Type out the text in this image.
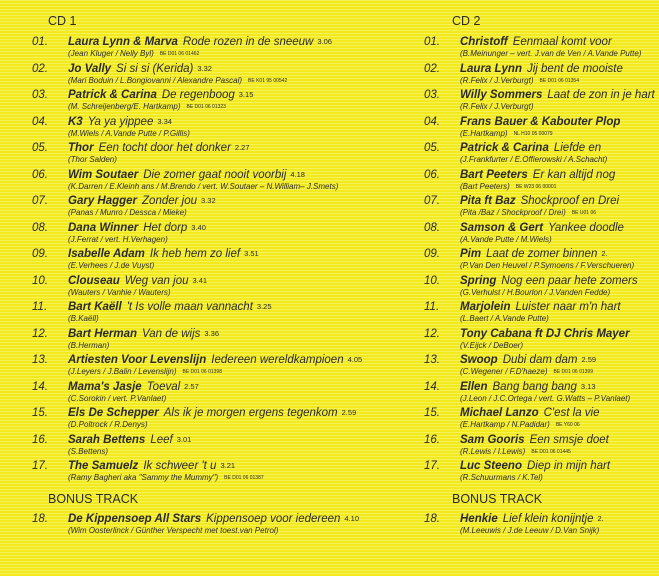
CD 1
01. Laura Lynn & Marva Rode rozen in de sneeuw 3.06
(Jean Kluger / Nelly Byl) BE D01 06 01462
02. Jo Vally Si si si (Kerida) 3.32
(Mari Boduin / L.Bongiovanni / Alexandre Pascal) BE K01 95 00542
03. Patrick & Carina De regenboog 3.15
(M. Schreijenberg/E. Hartkamp) BE D01 06 01323
04. K3 Ya ya yippee 3.34
(M.Wiels / A.Vande Putte / P.Gillis)
05. Thor Een tocht door het donker 2.27
(Thor Salden)
06. Wim Soutaer Die zomer gaat nooit voorbij 4.18
(K.Darren / E.Kleinh ans / M.Brendo / vert. W.Soutaer – N.William– J.Smets)
07. Gary Hagger Zonder jou 3.32
(Panas / Munro / Dessca / Mieke)
08. Dana Winner Het dorp 3.40
(J.Ferrat / vert. H.Verhagen)
09. Isabelle Adam Ik heb hem zo lief 3.51
(E.Verhees / J.de Vuyst)
10. Clouseau Weg van jou 3.41
(Wauters / Vanhie / Wauters)
11. Bart Kaëll 't Is volle maan vannacht 3.25
(B.Kaëll)
12. Bart Herman Van de wijs 3.36
(B.Herman)
13. Artiesten Voor Levenslijn Iedereen wereldkampioen 4.05
(J.Leyers / J.Balin / Levenslijn) BE D01 06 01398
14. Mama's Jasje Toeval 2.57
(C.Sorokin / vert. P.Vanlaet)
15. Els De Schepper Als ik je morgen ergens tegenkom 2.59
(D.Poltrock / R.Denys)
16. Sarah Bettens Leef 3.01
(S.Bettens)
17. The Samuelz Ik schweer 't u 3.21
(Ramy Bagheri aka "Sammy the Mummy") BE D01 06 01387
BONUS TRACK
18. De Kippensoep All Stars Kippensoep voor iedereen 4.10
(Wim Oosterlinck / Günther Verspecht met toest.van Petrol)
CD 2
01. Christoff Eenmaal komt voor
(B.Meinunger – vert. J.van de Ven / A.Vande Putte)
02. Laura Lynn Jij bent de mooiste
(R.Felix / J.Verburgt) BE D01 06 01354
03. Willy Sommers Laat de zon in je hart
(R.Felix / J.Verburgt)
04. Frans Bauer & Kabouter Plop
(E.Hartkamp) NL H10 05 00079
05. Patrick & Carina Liefde en
(J.Frankfurter / E.Offierowski / A.Schacht)
06. Bart Peeters Er kan altijd nog
(Bart Peeters) BE W23 06 00001
07. Pita ft Baz Shockproof en Drei
(Pita /Baz / Shockproof / Drei) BE U01 06
08. Samson & Gert Yankee doodle
(A.Vande Putte / M.Wiels)
09. Pim Laat de zomer binnen 2.
(P.Van Den Heuvel / P.Symoens / F.Verschueren)
10. Spring Nog een paar hete zomers
(G.Verhulst / H.Bourlon / J.Vanden Fedde)
11. Marjolein Luister naar m'n hart
(L.Baert / A.Vande Putte)
12. Tony Cabana ft DJ Chris Mayer
(V.Eijck / DeBoer)
13. Swoop Dubi dam dam 2.59
(C.Wegener / F.D'haeze) BE D01 06 01399
14. Ellen Bang bang bang 3.13
(J.Leon / J.C.Ortega / vert. G.Watts – P.Vanlaet)
15. Michael Lanzo C'est la vie
(E.Hartkamp / N.Padidar) BE Y60 06
16. Sam Gooris Een smsje doet
(R.Lewis / I.Lewis) BE D01 06 01445
17. Luc Steeno Diep in mijn hart
(R.Schuurmans / K.Tel)
BONUS TRACK
18. Henkie Lief klein konijntje 2.
(M.Leeuwis / J.de Leeuw / D.Van Snijk)
